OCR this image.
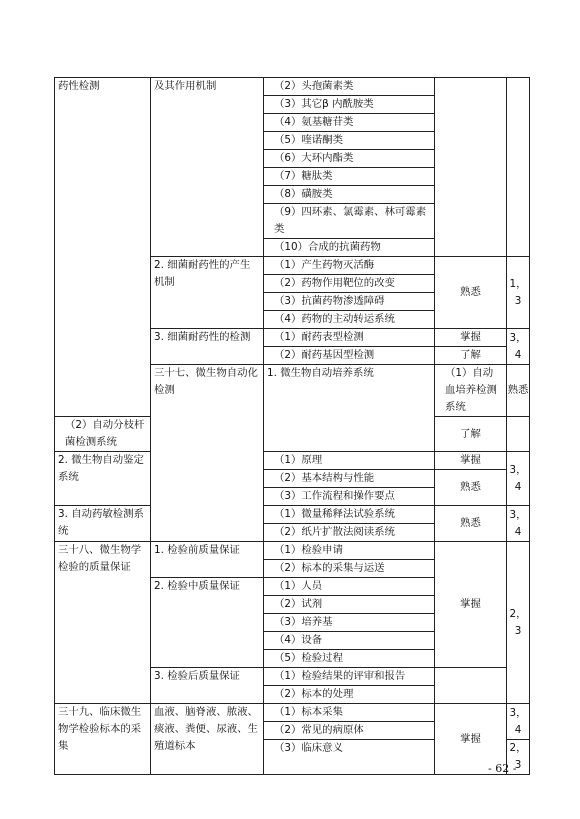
药性检测	及其作用机制	（2）头孢菌素类			
		（3）其它β 内酰胺类			
		（4）氨基糖苷类			
		（5）喹诺酮类			
		（6）大环内酯类			
		（7）糖肽类			
		（8）磺胺类			
		（9）四环素、氯霉素、林可霉素类			

		（10）合成的抗菌药物			
	2. 细菌耐药性的产生机制	（1）产生药物灭活酶	熟悉	1，3	
		（2）药物作用靶位的改变			
		（3）抗菌药物渗透障碍			
		（4）药物的主动转运系统			
	3. 细菌耐药性的检测	（1）耐药表型检测	掌握	3，4	
		（2）耐药基因型检测	了解		
	三十七、微生物自动化检测	1. 微生物自动培养系统	（1）自动血培养检测系统	熟悉	
（2）自动分枝杆菌检测系统			了解		
2. 微生物自动鉴定系统		（1）原理	掌握	3，4	
		（2）基本结构与性能	熟悉		
		（3）工作流程和操作要点			
3. 自动药敏检测系统		（1）微量稀释法试验系统	熟悉	3，4	
		（2）纸片扩散法阅读系统			
三十八、微生物学检验的质量保证	1. 检验前质量保证	（1）检验申请	掌握	2，3	
		（2）标本的采集与运送			
	2. 检验中质量保证	（1）人员			
		（2）试剂			
		（3）培养基			
		（4）设备			
		（5）检验过程			
	3. 检验后质量保证	（1）检验结果的评审和报告			
		（2）标本的处理			
三十九、临床微生物学检验标本的采集	血液、脑脊液、脓液、痰液、粪便、尿液、生殖道标本	（1）标本采集	掌握	3，4	
		（2）常见的病原体			
		（3）临床意义		2，3	
- 62 -
